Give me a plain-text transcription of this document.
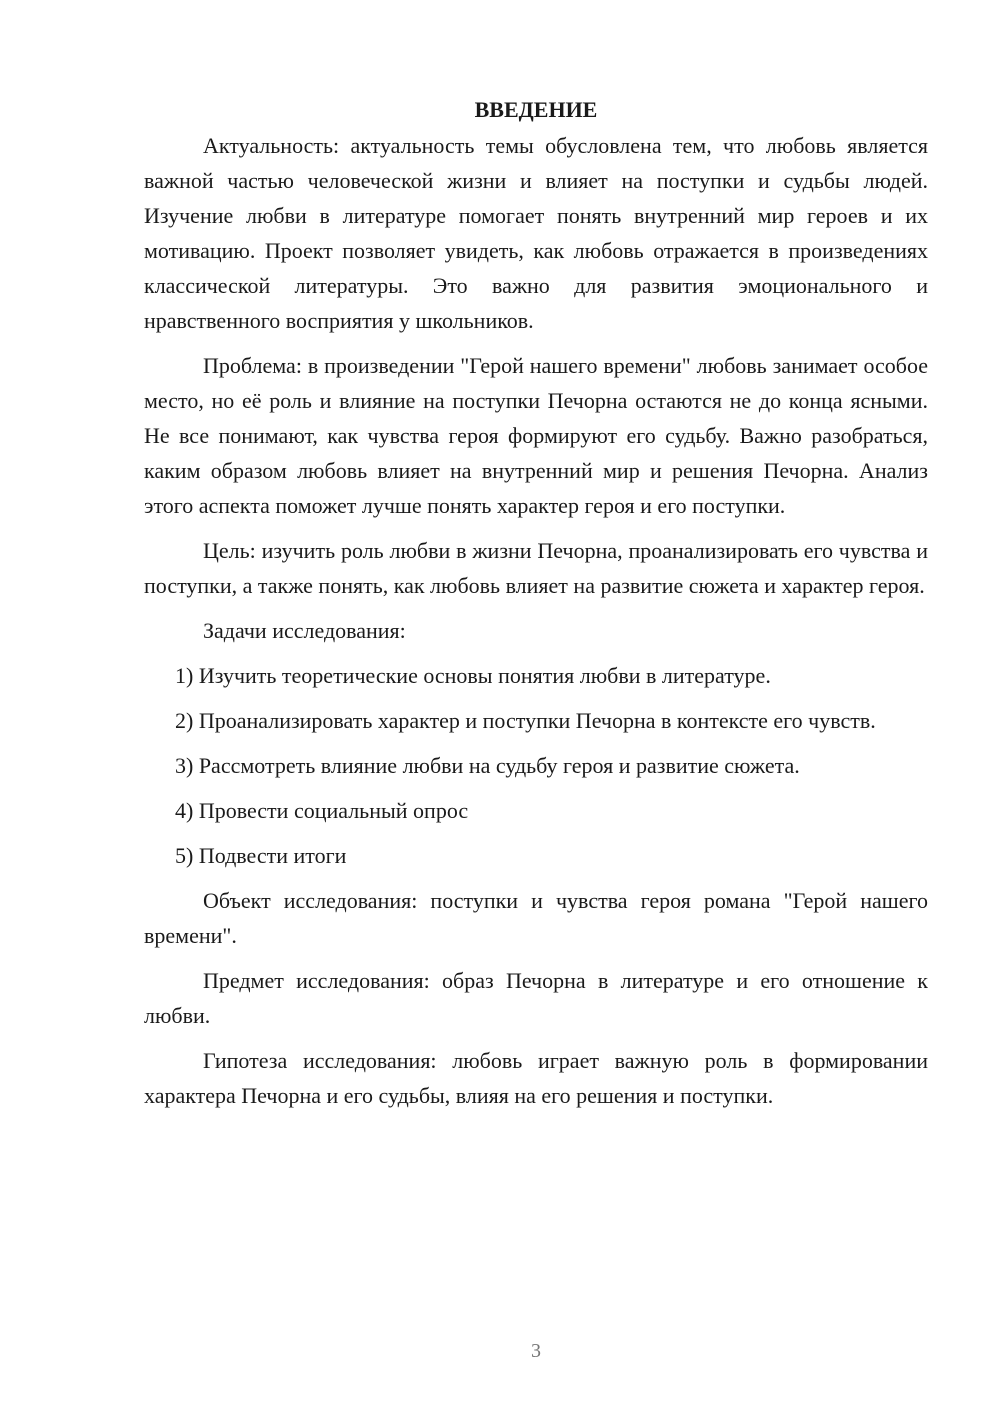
ВВЕДЕНИЕ

Актуальность: актуальность темы обусловлена тем, что любовь является важной частью человеческой жизни и влияет на поступки и судьбы людей. Изучение любви в литературе помогает понять внутренний мир героев и их мотивацию. Проект позволяет увидеть, как любовь отражается в произведениях классической литературы. Это важно для развития эмоционального и нравственного восприятия у школьников.

Проблема: в произведении "Герой нашего времени" любовь занимает особое место, но её роль и влияние на поступки Печорна остаются не до конца ясными. Не все понимают, как чувства героя формируют его судьбу. Важно разобраться, каким образом любовь влияет на внутренний мир и решения Печорна. Анализ этого аспекта поможет лучше понять характер героя и его поступки.

Цель: изучить роль любви в жизни Печорна, проанализировать его чувства и поступки, а также понять, как любовь влияет на развитие сюжета и характер героя.

Задачи исследования:

1) Изучить теоретические основы понятия любви в литературе.

2) Проанализировать характер и поступки Печорна в контексте его чувств.

3) Рассмотреть влияние любви на судьбу героя и развитие сюжета.

4) Провести социальный опрос

5) Подвести итоги

Объект исследования: поступки и чувства героя романа "Герой нашего времени".

Предмет исследования: образ Печорна в литературе и его отношение к любви.

Гипотеза исследования: любовь играет важную роль в формировании характера Печорна и его судьбы, влияя на его решения и поступки.

3
